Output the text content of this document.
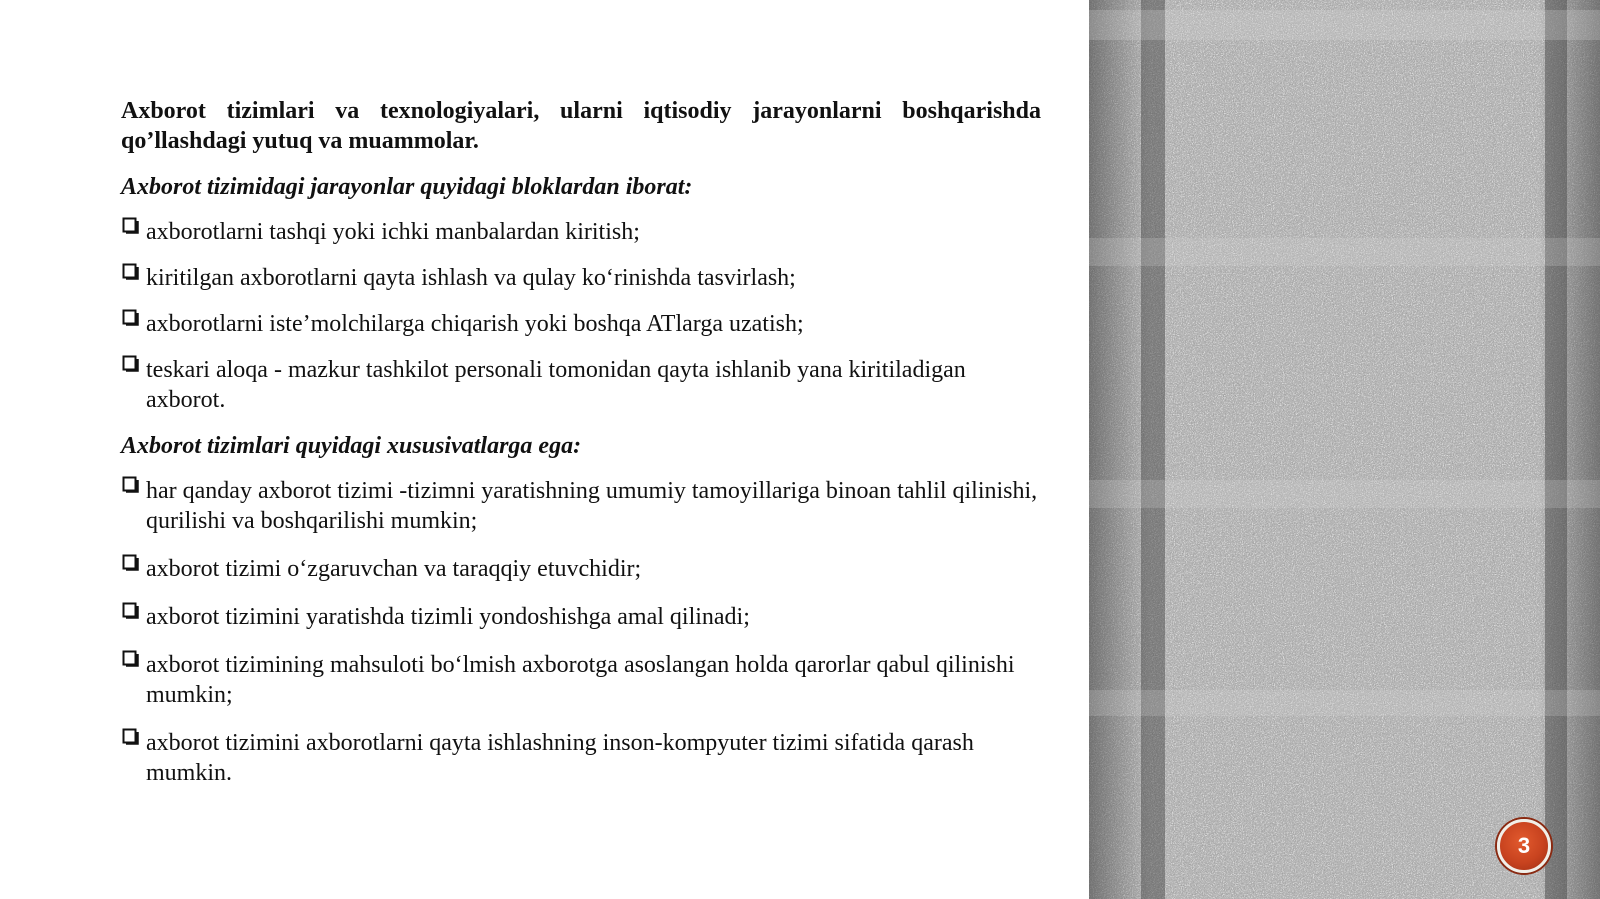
Axborot tizimlari va texnologiyalari, ularni iqtisodiy jarayonlarni boshqarishda qo’llashdagi yutuq va muammolar.
Axborot tizimidagi jarayonlar quyidagi bloklardan iborat:
axborotlarni tashqi yoki ichki manbalardan kiritish;
kiritilgan axborotlarni qayta ishlash va qulay ko‘rinishda tasvirlash;
axborotlarni iste’molchilarga chiqarish yoki boshqa ATlarga uzatish;
teskari aloqa - mazkur tashkilot personali tomonidan qayta ishlanib yana kiritiladigan axborot.
Axborot tizimlari quyidagi xususivatlarga ega:
har qanday axborot tizimi -tizimni yaratishning umumiy tamoyillariga binoan tahlil qilinishi, qurilishi va boshqarilishi mumkin;
axborot tizimi o‘zgaruvchan va taraqqiy etuvchidir;
axborot tizimini yaratishda tizimli yondoshishga amal qilinadi;
axborot tizimining mahsuloti bo‘lmish axborotga asoslangan holda qarorlar qabul qilinishi mumkin;
axborot tizimini axborotlarni qayta ishlashning inson-kompyuter tizimi sifatida qarash mumkin.
3
